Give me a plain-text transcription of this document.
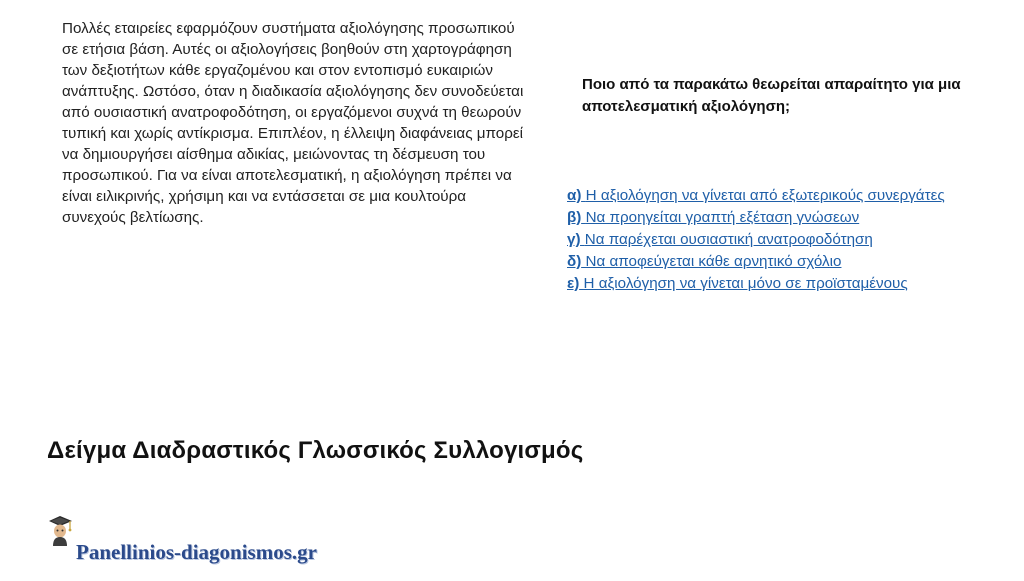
Πολλές εταιρείες εφαρμόζουν συστήματα αξιολόγησης προσωπικού σε ετήσια βάση. Αυτές οι αξιολογήσεις βοηθούν στη χαρτογράφηση των δεξιοτήτων κάθε εργαζομένου και στον εντοπισμό ευκαιριών ανάπτυξης. Ωστόσο, όταν η διαδικασία αξιολόγησης δεν συνοδεύεται από ουσιαστική ανατροφοδότηση, οι εργαζόμενοι συχνά τη θεωρούν τυπική και χωρίς αντίκρισμα. Επιπλέον, η έλλειψη διαφάνειας μπορεί να δημιουργήσει αίσθημα αδικίας, μειώνοντας τη δέσμευση του προσωπικού. Για να είναι αποτελεσματική, η αξιολόγηση πρέπει να είναι ειλικρινής, χρήσιμη και να εντάσσεται σε μια κουλτούρα συνεχούς βελτίωσης.

Ποιο από τα παρακάτω θεωρείται απαραίτητο για μια αποτελεσματική αξιολόγηση;

α) Η αξιολόγηση να γίνεται από εξωτερικούς συνεργάτες
β) Να προηγείται γραπτή εξέταση γνώσεων
γ) Να παρέχεται ουσιαστική ανατροφοδότηση
δ) Να αποφεύγεται κάθε αρνητικό σχόλιο
ε) Η αξιολόγηση να γίνεται μόνο σε προϊσταμένους
Δείγμα Διαδραστικός Γλωσσικός Συλλογισμός
Panellinios-diagonismos.gr
